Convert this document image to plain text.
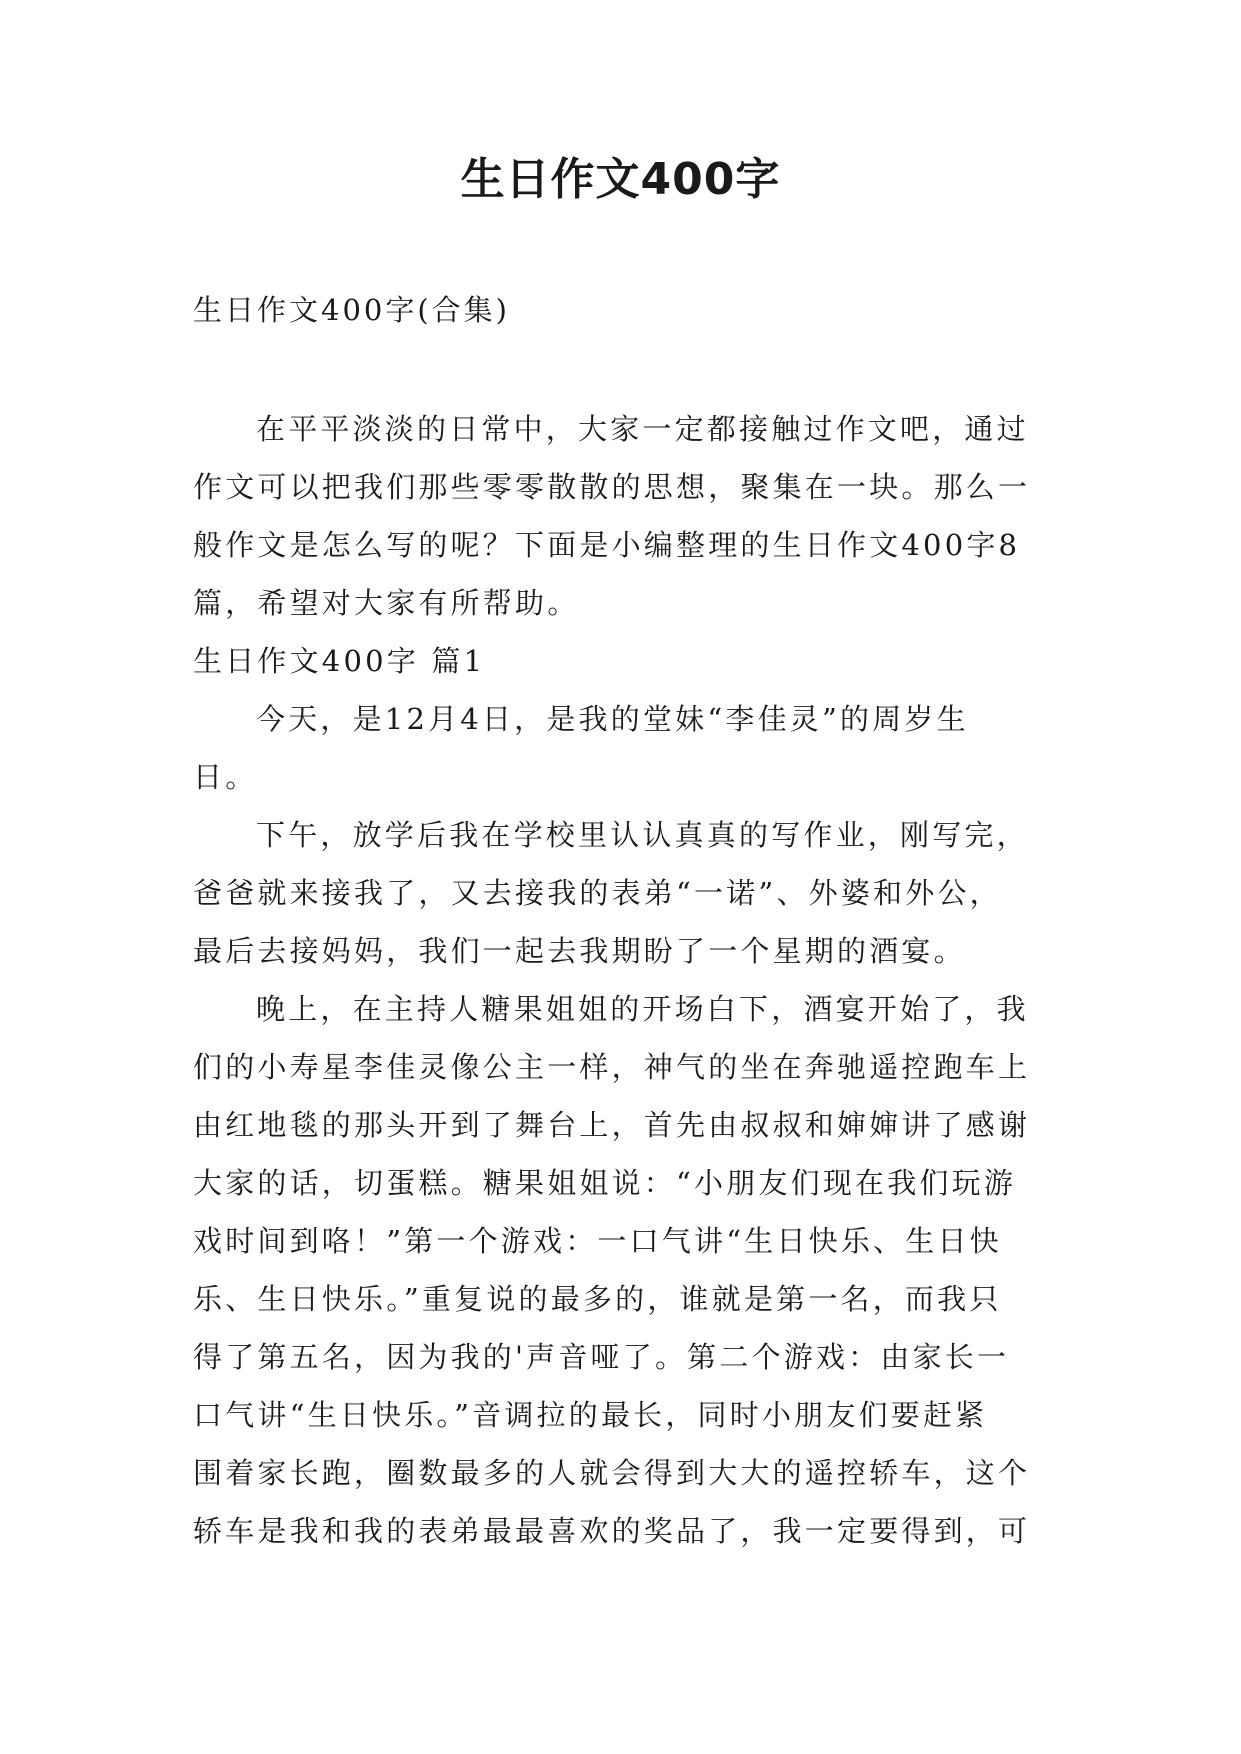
生日作文400字

生日作文400字(合集)

在平平淡淡的日常中，大家一定都接触过作文吧，通过
作文可以把我们那些零零散散的思想，聚集在一块。那么一
般作文是怎么写的呢？下面是小编整理的生日作文400字8
篇，希望对大家有所帮助。
生日作文400字 篇1
今天，是12月4日，是我的堂妹“李佳灵”的周岁生
日。
下午，放学后我在学校里认认真真的写作业，刚写完，
爸爸就来接我了，又去接我的表弟“一诺”、外婆和外公，
最后去接妈妈，我们一起去我期盼了一个星期的酒宴。
晚上，在主持人糖果姐姐的开场白下，酒宴开始了，我
们的小寿星李佳灵像公主一样，神气的坐在奔驰遥控跑车上
由红地毯的那头开到了舞台上，首先由叔叔和婶婶讲了感谢
大家的话，切蛋糕。糖果姐姐说：“小朋友们现在我们玩游
戏时间到咯！”第一个游戏：一口气讲“生日快乐、生日快
乐、生日快乐。”重复说的最多的，谁就是第一名，而我只
得了第五名，因为我的'声音哑了。第二个游戏：由家长一
口气讲“生日快乐。”音调拉的最长，同时小朋友们要赶紧
围着家长跑，圈数最多的人就会得到大大的遥控轿车，这个
轿车是我和我的表弟最最喜欢的奖品了，我一定要得到，可
